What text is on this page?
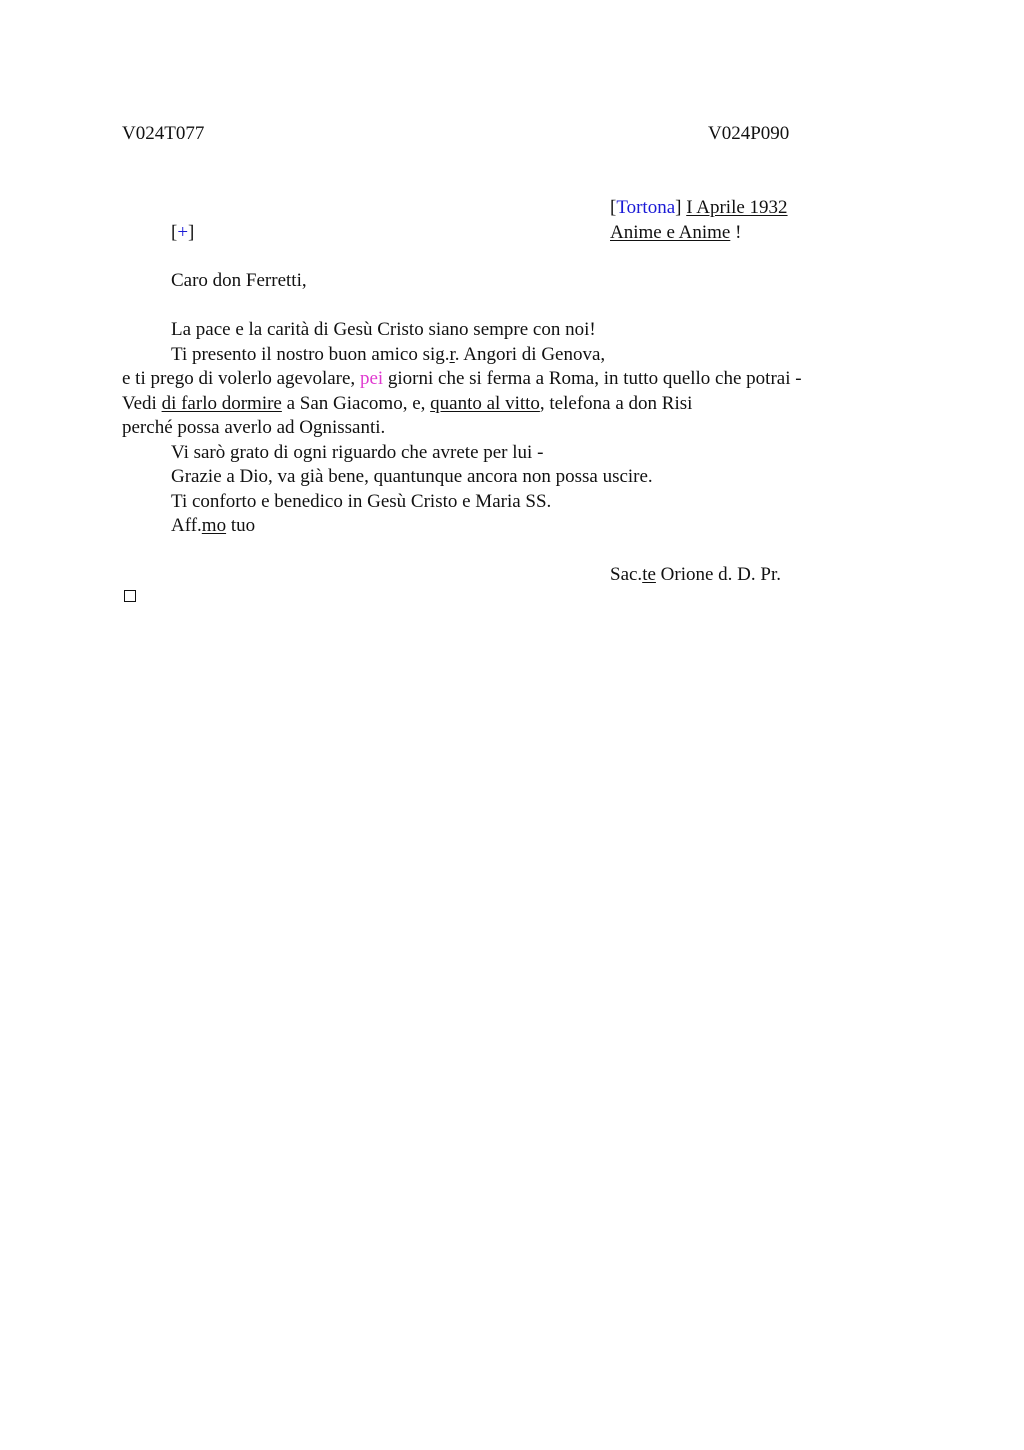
V024T077	V024P090
[Tortona] I Aprile 1932
Anime e Anime !
[+]
Caro don Ferretti,
La pace e la carità di Gesù Cristo siano sempre con noi!
Ti presento il nostro buon amico sig.r. Angori di Genova,
e ti prego di volerlo agevolare, pei giorni che si ferma a Roma, in tutto quello che potrai -
Vedi di farlo dormire a San Giacomo, e, quanto al vitto, telefona a don Risi
perché possa averlo ad Ognissanti.
Vi sarò grato di ogni riguardo che avrete per lui -
Grazie a Dio, va già bene, quantunque ancora non possa uscire.
Ti conforto e benedico in Gesù Cristo e Maria SS.
Aff.mo tuo
Sac.te Orione d. D. Pr.
